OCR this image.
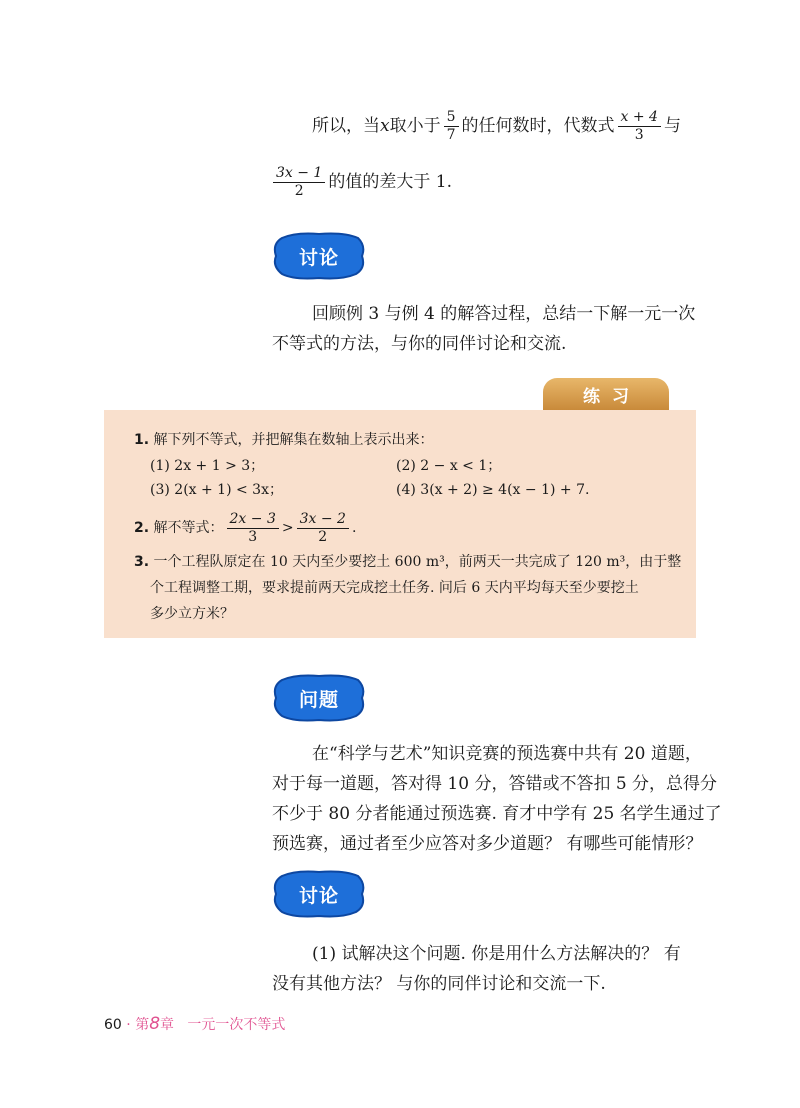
所以，当x取小于 $\frac{5}{7}$ 的任何数时，代数式 $\frac{x + 4}{3}$ 与
$\frac{3x - 1}{2}$ 的值的差大于 1.
讨论
回顾例 3 与例 4 的解答过程，总结一下解一元一次
不等式的方法，与你的同伴讨论和交流.
练习
1. 解下列不等式，并把解集在数轴上表示出来：
(1) 2x + 1 > 3；	(2) 2 − x < 1；
(3) 2(x + 1) < 3x；	(4) 3(x + 2) ≥ 4(x − 1) + 7.
2. 解不等式： $\frac{2x - 3}{3} > \frac{3x - 2}{2}$ .
3. 一个工程队原定在 10 天内至少要挖土 600 m³，前两天一共完成了 120 m³，由于整
个工程调整工期，要求提前两天完成挖土任务. 问后 6 天内平均每天至少要挖土
多少立方米？
问题
在“科学与艺术”知识竞赛的预选赛中共有 20 道题，
对于每一道题，答对得 10 分，答错或不答扣 5 分，总得分
不少于 80 分者能通过预选赛. 育才中学有 25 名学生通过了
预选赛，通过者至少应答对多少道题？ 有哪些可能情形？
讨论
(1) 试解决这个问题. 你是用什么方法解决的？ 有
没有其他方法？ 与你的同伴讨论和交流一下.
60 · 第8章 一元一次不等式
